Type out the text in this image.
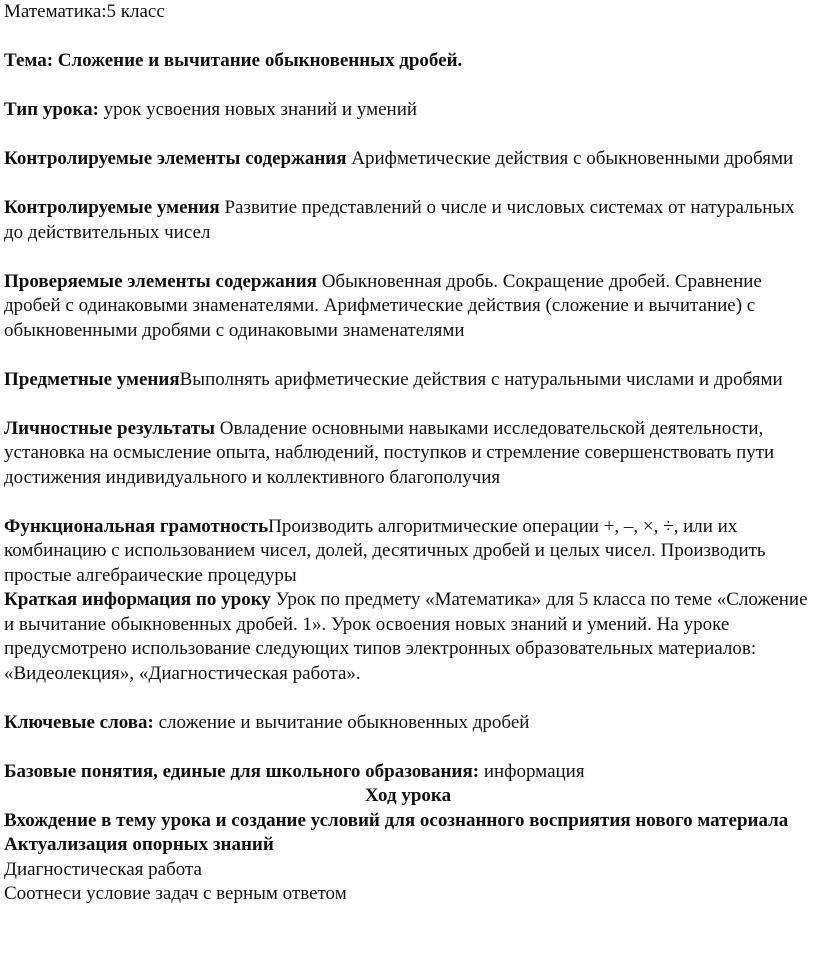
Математика:5 класс

Тема: Сложение и вычитание обыкновенных дробей.

Тип урока: урок усвоения новых знаний и умений

Контролируемые элементы содержания Арифметические действия с обыкновенными дробями

Контролируемые умения Развитие представлений о числе и числовых системах от натуральных до действительных чисел

Проверяемые элементы содержания Обыкновенная дробь. Сокращение дробей. Сравнение дробей с одинаковыми знаменателями. Арифметические действия (сложение и вычитание) с обыкновенными дробями с одинаковыми знаменателями

Предметные уменияВыполнять арифметические действия с натуральными числами и дробями

Личностные результаты Овладение основными навыками исследовательской деятельности, установка на осмысление опыта, наблюдений, поступков и стремление совершенствовать пути достижения индивидуального и коллективного благополучия

Функциональная грамотностьПроизводить алгоритмические операции +, –, ×, ÷, или их комбинацию с использованием чисел, долей, десятичных дробей и целых чисел. Производить простые алгебраические процедуры

Краткая информация по уроку Урок по предмету «Математика» для 5 класса по теме «Сложение и вычитание обыкновенных дробей. 1». Урок освоения новых знаний и умений. На уроке предусмотрено использование следующих типов электронных образовательных материалов: «Видеолекция», «Диагностическая работа».

Ключевые слова: сложение и вычитание обыкновенных дробей

Базовые понятия, единые для школьного образования: информация

Ход урока

Вхождение в тему урока и создание условий для осознанного восприятия нового материала

Актуализация опорных знаний

Диагностическая работа

Соотнеси условие задач с верным ответом
